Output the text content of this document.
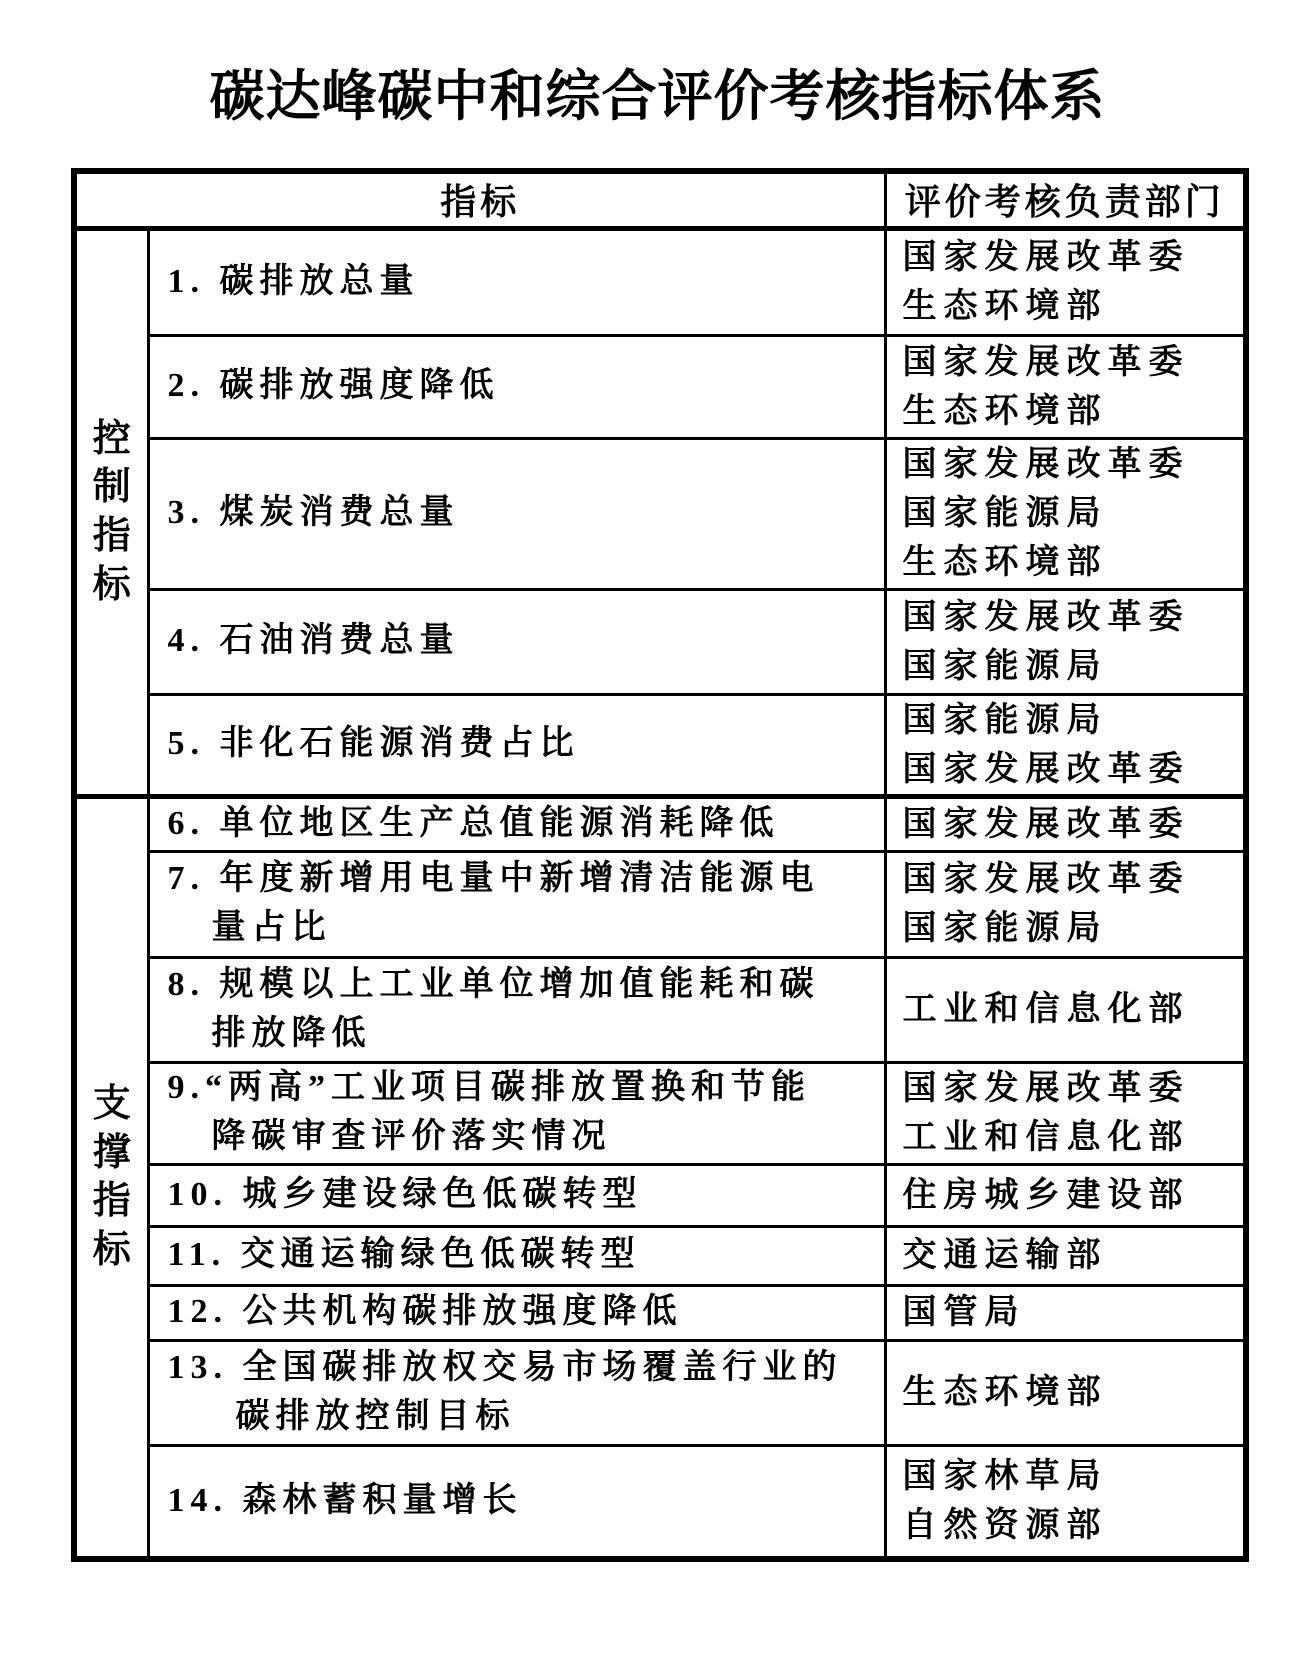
碳达峰碳中和综合评价考核指标体系
指标		评价考核负责部门
控制指标	1. 碳排放总量	国家发展改革委
生态环境部

	2. 碳排放强度降低	国家发展改革委
生态环境部

	3. 煤炭消费总量	国家发展改革委
国家能源局
生态环境部

	4. 石油消费总量	国家发展改革委
国家能源局

	5. 非化石能源消费占比	国家能源局
国家发展改革委

支撑指标	6. 单位地区生产总值能源消耗降低	国家发展改革委

	7. 年度新增用电量中新增清洁能源电
量占比	国家发展改革委
国家能源局

	8. 规模以上工业单位增加值能耗和碳
排放降低	工业和信息化部

	9.“两高”工业项目碳排放置换和节能
降碳审查评价落实情况	国家发展改革委
工业和信息化部

	10. 城乡建设绿色低碳转型	住房城乡建设部

	11. 交通运输绿色低碳转型	交通运输部

	12. 公共机构碳排放强度降低	国管局

	13. 全国碳排放权交易市场覆盖行业的
碳排放控制目标	生态环境部

	14. 森林蓄积量增长	国家林草局
自然资源部
